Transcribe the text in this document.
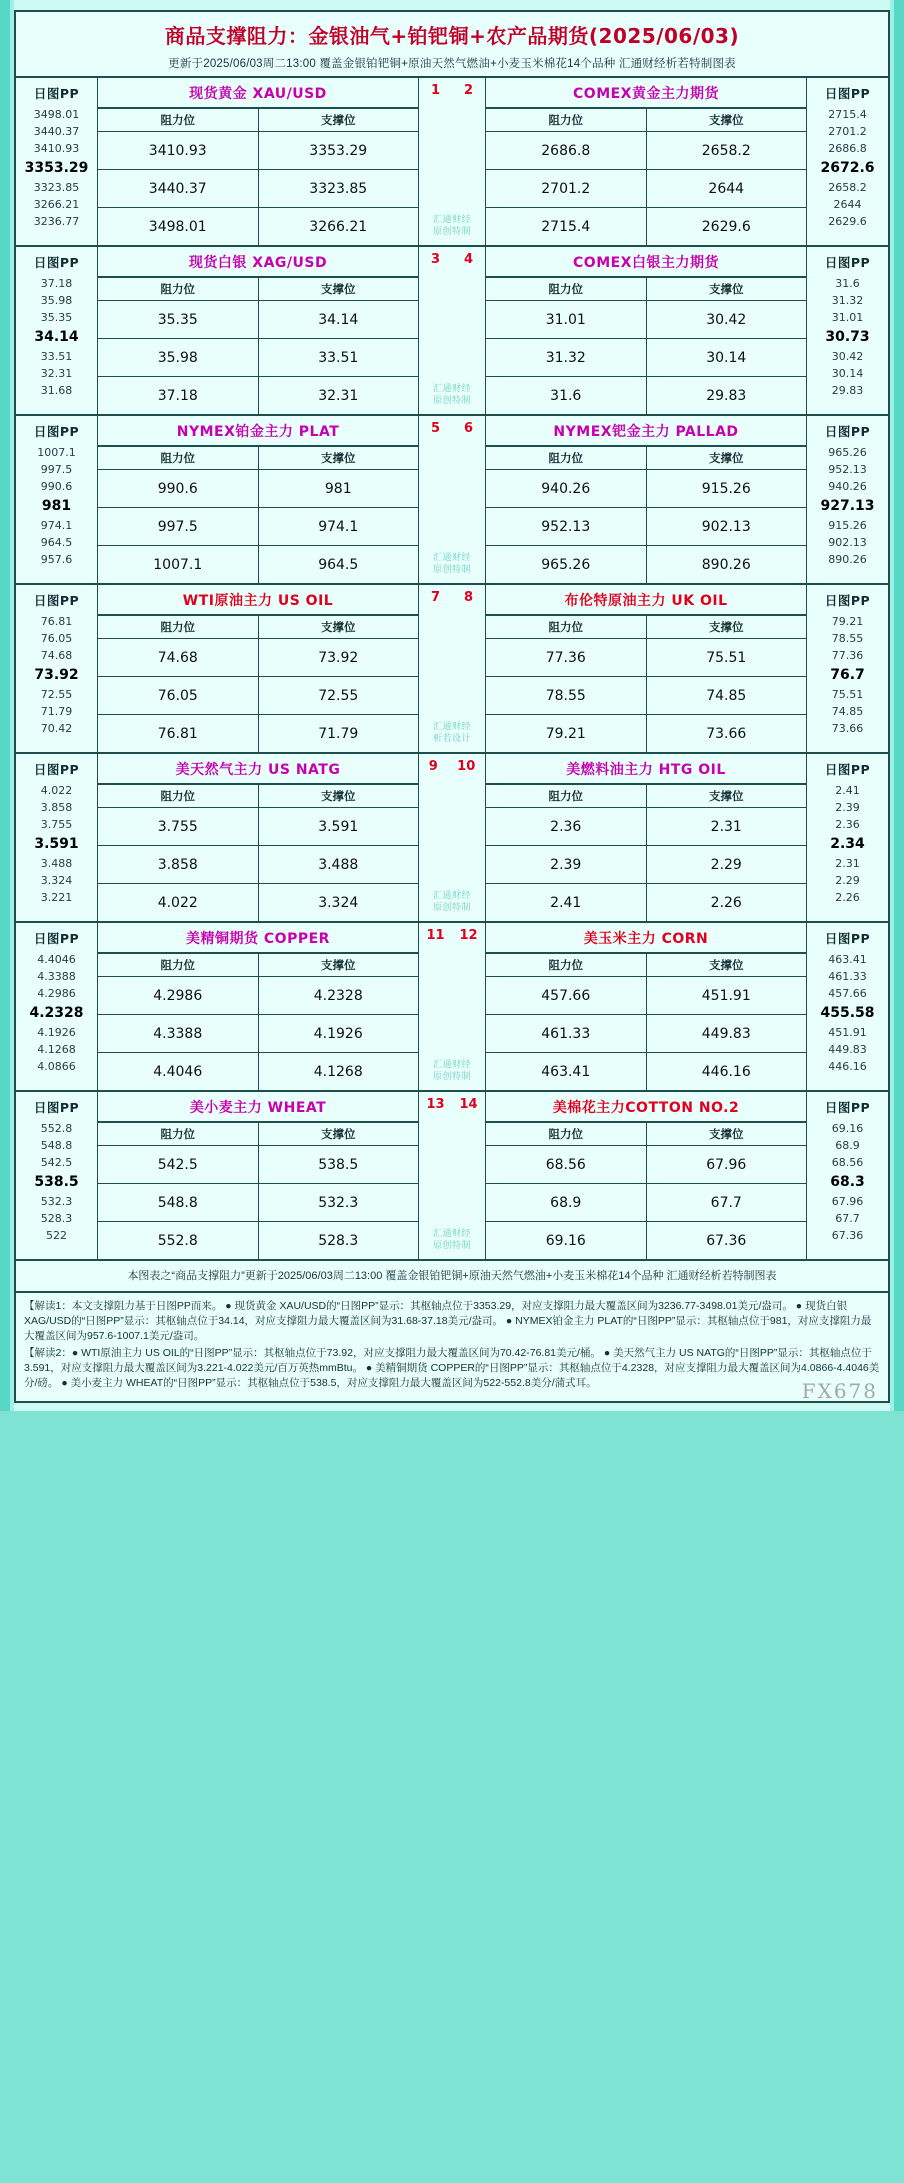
商品支撑阻力：金银油气+铂钯铜+农产品期货(2025/06/03)
更新于2025/06/03周二13:00 覆盖金银铂钯铜+原油天然气燃油+小麦玉米棉花14个品种 汇通财经析若特制图表
日图PP
3498.01
3440.37
3410.93
3353.29
3323.85
3266.21
3236.77
现货黄金 XAU/USD
阻力位	支撑位
3410.93	3353.29
3440.37	3323.85
3498.01	3266.21
1 2
汇通财经
原创特制
COMEX黄金主力期货
阻力位	支撑位
2686.8	2658.2
2701.2	2644
2715.4	2629.6
日图PP
2715.4
2701.2
2686.8
2672.6
2658.2
2644
2629.6
日图PP
37.18
35.98
35.35
34.14
33.51
32.31
31.68
现货白银 XAG/USD
阻力位	支撑位
35.35	34.14
35.98	33.51
37.18	32.31
3 4
汇通财经
原创特制
COMEX白银主力期货
阻力位	支撑位
31.01	30.42
31.32	30.14
31.6	29.83
日图PP
31.6
31.32
31.01
30.73
30.42
30.14
29.83
日图PP
1007.1
997.5
990.6
981
974.1
964.5
957.6
NYMEX铂金主力 PLAT
阻力位	支撑位
990.6	981
997.5	974.1
1007.1	964.5
5 6
汇通财经
原创特制
NYMEX钯金主力 PALLAD
阻力位	支撑位
940.26	915.26
952.13	902.13
965.26	890.26
日图PP
965.26
952.13
940.26
927.13
915.26
902.13
890.26
日图PP
76.81
76.05
74.68
73.92
72.55
71.79
70.42
WTI原油主力 US OIL
阻力位	支撑位
74.68	73.92
76.05	72.55
76.81	71.79
7 8
汇通财经
析若设计
布伦特原油主力 UK OIL
阻力位	支撑位
77.36	75.51
78.55	74.85
79.21	73.66
日图PP
79.21
78.55
77.36
76.7
75.51
74.85
73.66
日图PP
4.022
3.858
3.755
3.591
3.488
3.324
3.221
美天然气主力 US NATG
阻力位	支撑位
3.755	3.591
3.858	3.488
4.022	3.324
9 10
汇通财经
原创特制
美燃料油主力 HTG OIL
阻力位	支撑位
2.36	2.31
2.39	2.29
2.41	2.26
日图PP
2.41
2.39
2.36
2.34
2.31
2.29
2.26
日图PP
4.4046
4.3388
4.2986
4.2328
4.1926
4.1268
4.0866
美精铜期货 COPPER
阻力位	支撑位
4.2986	4.2328
4.3388	4.1926
4.4046	4.1268
11 12
汇通财经
原创特制
美玉米主力 CORN
阻力位	支撑位
457.66	451.91
461.33	449.83
463.41	446.16
日图PP
463.41
461.33
457.66
455.58
451.91
449.83
446.16
日图PP
552.8
548.8
542.5
538.5
532.3
528.3
522
美小麦主力 WHEAT
阻力位	支撑位
542.5	538.5
548.8	532.3
552.8	528.3
13 14
汇通财经
原创特制
美棉花主力COTTON NO.2
阻力位	支撑位
68.56	67.96
68.9	67.7
69.16	67.36
日图PP
69.16
68.9
68.56
68.3
67.96
67.7
67.36
本图表之“商品支撑阻力”更新于2025/06/03周二13:00 覆盖金银铂钯铜+原油天然气燃油+小麦玉米棉花14个品种 汇通财经析若特制图表

【解读1：本文支撑阻力基于日图PP而来。 ● 现货黄金 XAU/USD的“日图PP”显示：其枢轴点位于3353.29，对应支撑阻力最大覆盖区间为3236.77-3498.01美元/盎司。 ● 现货白银 XAG/USD的“日图PP”显示：其枢轴点位于34.14，对应支撑阻力最大覆盖区间为31.68-37.18美元/盎司。 ● NYMEX铂金主力 PLAT的“日图PP”显示：其枢轴点位于981，对应支撑阻力最大覆盖区间为957.6-1007.1美元/盎司。

【解读2：● WTI原油主力 US OIL的“日图PP”显示：其枢轴点位于73.92，对应支撑阻力最大覆盖区间为70.42-76.81美元/桶。 ● 美天然气主力 US NATG的“日图PP”显示：其枢轴点位于3.591，对应支撑阻力最大覆盖区间为3.221-4.022美元/百万英热mmBtu。 ● 美精铜期货 COPPER的“日图PP”显示：其枢轴点位于4.2328，对应支撑阻力最大覆盖区间为4.0866-4.4046美分/磅。 ● 美小麦主力 WHEAT的“日图PP”显示：其枢轴点位于538.5，对应支撑阻力最大覆盖区间为522-552.8美分/蒲式耳。	FX678
